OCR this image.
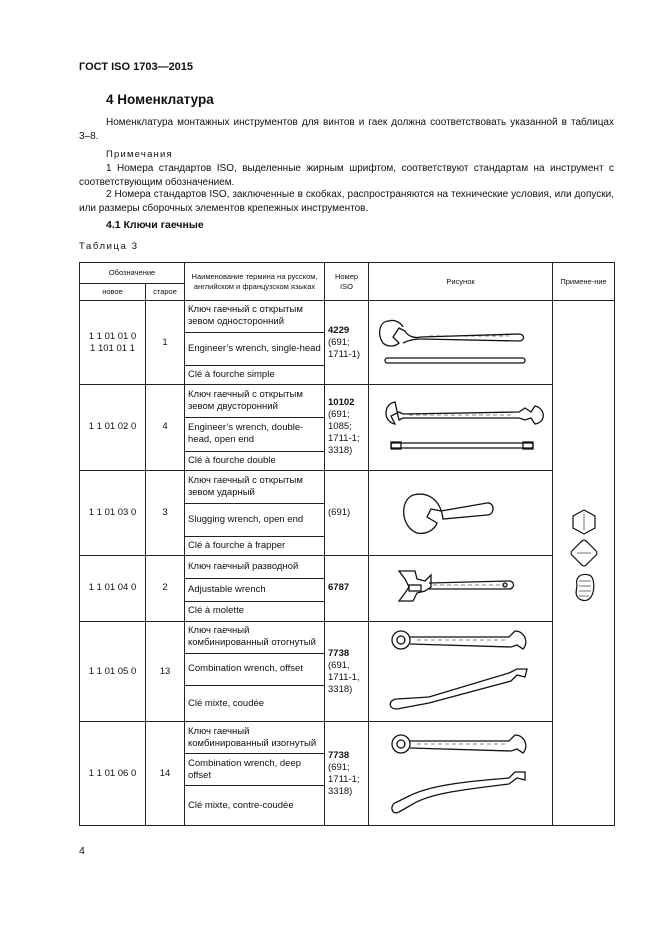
ГОСТ ISO 1703—2015
4 Номенклатура
Номенклатура монтажных инструментов для винтов и гаек должна соответствовать указанной в таблицах 3–8.
Примечания
1 Номера стандартов ISO, выделенные жирным шрифтом, соответствуют стандартам на инструмент с соответствующим обозначением.
2 Номера стандартов ISO, заключенные в скобках, распространяются на технические условия, или допуски, или размеры сборочных элементов крепежных инструментов.
4.1 Ключи гаечные
Таблица 3
Обозначение		Наименование термина на русском, английском и французском языках	Номер ISO	Рисунок	Примене-ние
новое	старое				
1 1 01 01 0
1 101 01 1	1	Ключ гаечный с открытым зевом односторонний	4229
(691;
1711-1)	

		Engineer’s wrench, single-head			
		Clé à fourche simple			
1 1 01 02 0	4	Ключ гаечный с открытым зевом двусторонний	10102
(691;
1085;
1711-1;
3318)	

		Engineer’s wrench, double-head, open end			
		Clé à fourche double			
1 1 01 03 0	3	Ключ гаечный с открытым зевом ударный	(691)	

		Slugging wrench, open end			
		Clé à fourche à frapper			
1 1 01 04 0	2	Ключ гаечный разводной	6787	

		Adjustable wrench			
		Clé à molette			
1 1 01 05 0	13	Ключ гаечный комбинированный отогнутый	7738
(691,
1711-1,
3318)	

		Combination wrench, offset			
		Clé mixte, coudée			
1 1 01 06 0	14	Ключ гаечный комбинированный изогнутый	7738
(691;
1711-1;
3318)	

		Combination wrench, deep offset			
		Clé mixte, contre-coudée			
4
